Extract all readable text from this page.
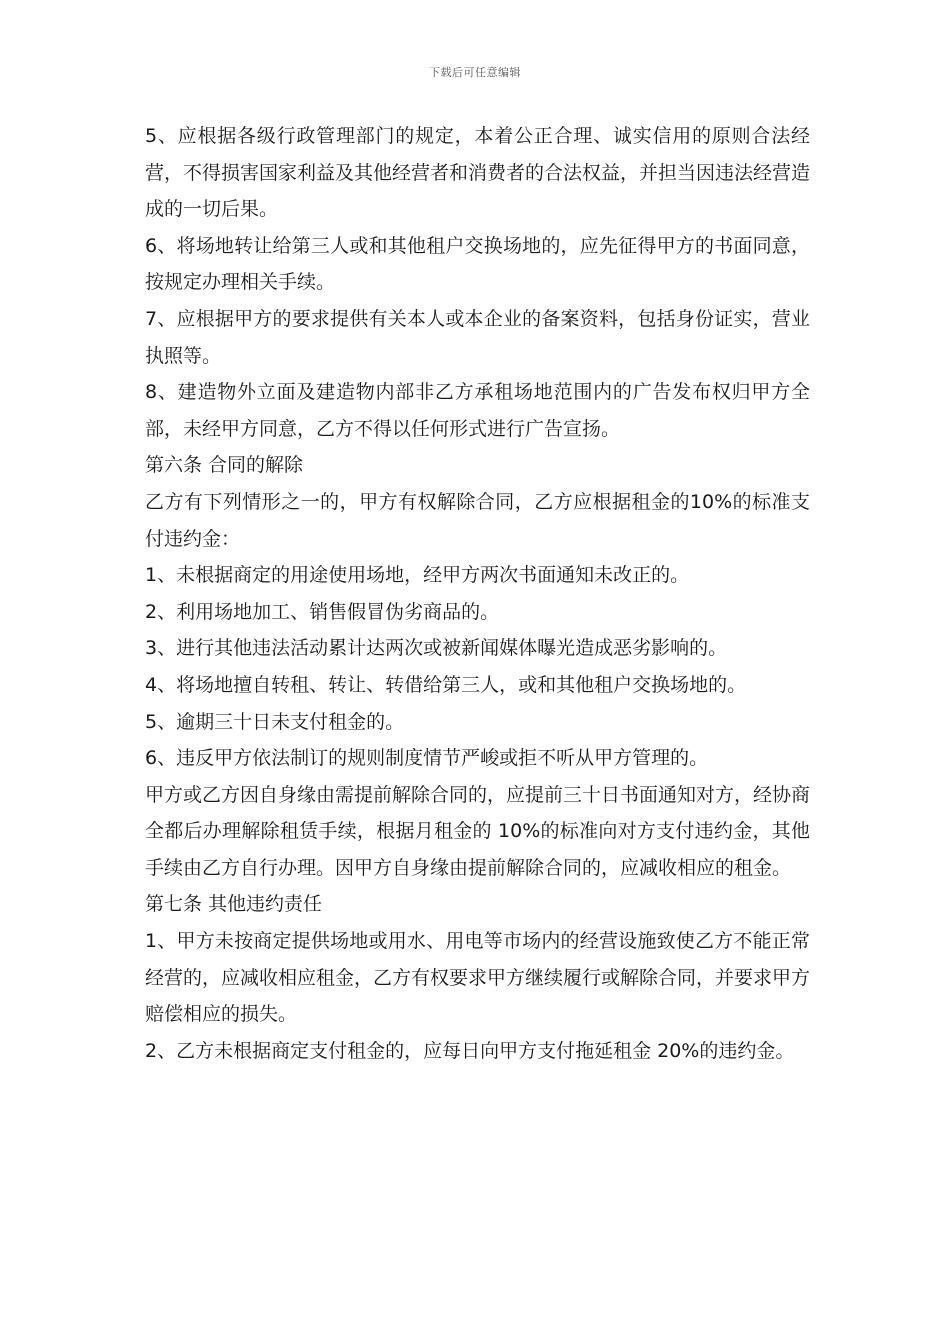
下载后可任意编辑

5、应根据各级行政管理部门的规定，本着公正合理、诚实信用的原则合法经营，不得损害国家利益及其他经营者和消费者的合法权益，并担当因违法经营造成的一切后果。

6、将场地转让给第三人或和其他租户交换场地的，应先征得甲方的书面同意，按规定办理相关手续。

7、应根据甲方的要求提供有关本人或本企业的备案资料，包括身份证实，营业执照等。

8、建造物外立面及建造物内部非乙方承租场地范围内的广告发布权归甲方全部，未经甲方同意，乙方不得以任何形式进行广告宣扬。

第六条 合同的解除

乙方有下列情形之一的，甲方有权解除合同，乙方应根据租金的10%的标准支付违约金：

1、未根据商定的用途使用场地，经甲方两次书面通知未改正的。

2、利用场地加工、销售假冒伪劣商品的。

3、进行其他违法活动累计达两次或被新闻媒体曝光造成恶劣影响的。

4、将场地擅自转租、转让、转借给第三人，或和其他租户交换场地的。

5、逾期三十日未支付租金的。

6、违反甲方依法制订的规则制度情节严峻或拒不听从甲方管理的。

甲方或乙方因自身缘由需提前解除合同的，应提前三十日书面通知对方，经协商全都后办理解除租赁手续，根据月租金的 10%的标准向对方支付违约金，其他手续由乙方自行办理。因甲方自身缘由提前解除合同的，应减收相应的租金。

第七条 其他违约责任

1、甲方未按商定提供场地或用水、用电等市场内的经营设施致使乙方不能正常经营的，应减收相应租金，乙方有权要求甲方继续履行或解除合同，并要求甲方赔偿相应的损失。

2、乙方未根据商定支付租金的，应每日向甲方支付拖延租金 20%的违约金。
